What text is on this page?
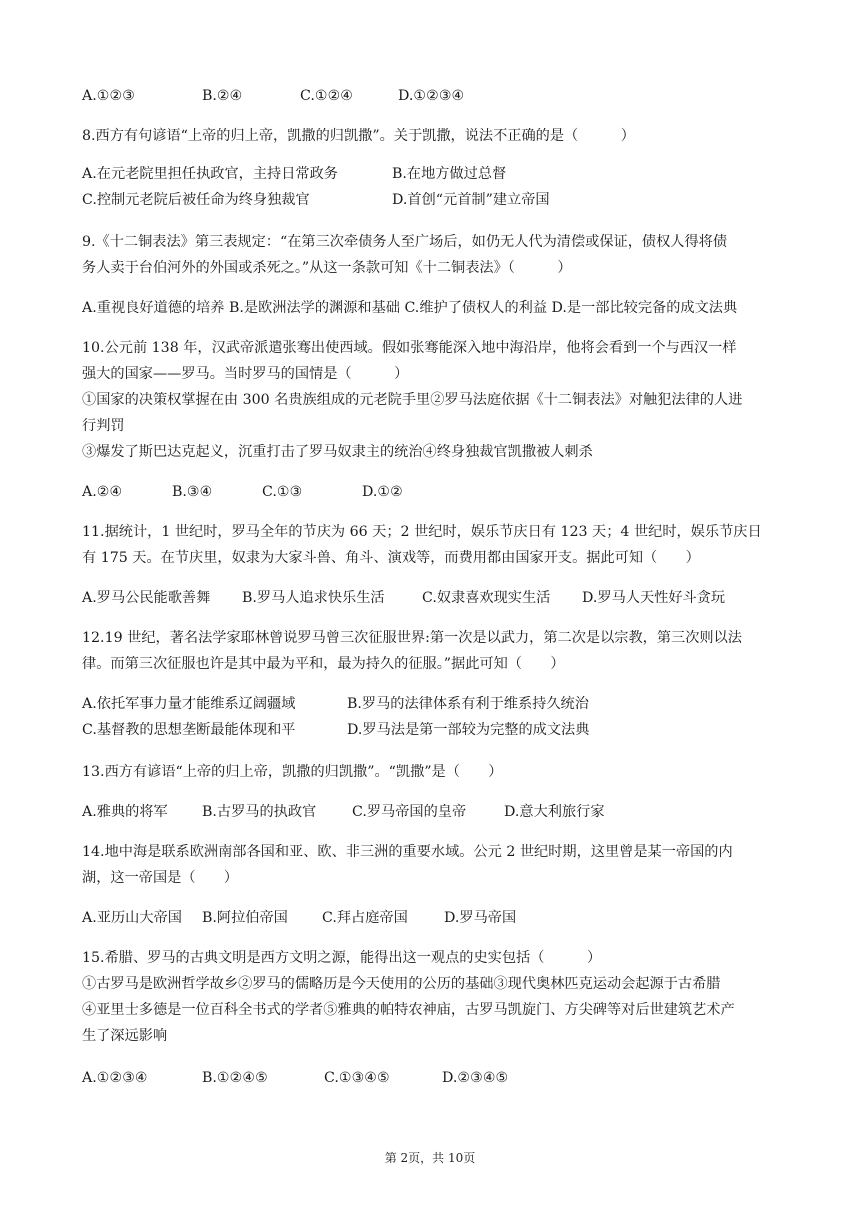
A.①②③	B.②④	C.①②④	D.①②③④
8.西方有句谚语“上帝的归上帝，凯撒的归凯撒”。关于凯撒，说法不正确的是（　　　）
A.在元老院里担任执政官，主持日常政务	B.在地方做过总督
C.控制元老院后被任命为终身独裁官	D.首创“元首制”建立帝国
9.《十二铜表法》第三表规定：“在第三次牵债务人至广场后，如仍无人代为清偿或保证，债权人得将债
务人卖于台伯河外的外国或杀死之。”从这一条款可知《十二铜表法》（　　　）
A.重视良好道德的培养 B.是欧洲法学的渊源和基础 C.维护了债权人的利益 D.是一部比较完备的成文法典
10.公元前 138 年，汉武帝派遣张骞出使西域。假如张骞能深入地中海沿岸，他将会看到一个与西汉一样
强大的国家——罗马。当时罗马的国情是（　　　）
①国家的决策权掌握在由 300 名贵族组成的元老院手里②罗马法庭依据《十二铜表法》对触犯法律的人进
行判罚
③爆发了斯巴达克起义，沉重打击了罗马奴隶主的统治④终身独裁官凯撒被人刺杀
A.②④	B.③④	C.①③	D.①②
11.据统计，1 世纪时，罗马全年的节庆为 66 天；2 世纪时，娱乐节庆日有 123 天；4 世纪时，娱乐节庆日
有 175 天。在节庆里，奴隶为大家斗兽、角斗、演戏等，而费用都由国家开支。据此可知（　　）
A.罗马公民能歌善舞 B.罗马人追求快乐生活	C.奴隶喜欢现实生活 D.罗马人天性好斗贪玩
12.19 世纪，著名法学家耶林曾说罗马曾三次征服世界:第一次是以武力，第二次是以宗教，第三次则以法
律。而第三次征服也许是其中最为平和，最为持久的征服。”据此可知（　　）
A.依托军事力量才能维系辽阔疆域	B.罗马的法律体系有利于维系持久统治
C.基督教的思想垄断最能体现和平	D.罗马法是第一部较为完整的成文法典
13.西方有谚语“上帝的归上帝，凯撒的归凯撒”。“凯撒”是（　　）
A.雅典的将军 B.古罗马的执政官	C.罗马帝国的皇帝	D.意大利旅行家
14.地中海是联系欧洲南部各国和亚、欧、非三洲的重要水域。公元 2 世纪时期，这里曾是某一帝国的内
湖，这一帝国是（　　）
A.亚历山大帝国 B.阿拉伯帝国 C.拜占庭帝国	D.罗马帝国
15.希腊、罗马的古典文明是西方文明之源，能得出这一观点的史实包括（　　　）
①古罗马是欧洲哲学故乡②罗马的儒略历是今天使用的公历的基础③现代奥林匹克运动会起源于古希腊
④亚里士多德是一位百科全书式的学者⑤雅典的帕特农神庙，古罗马凯旋门、方尖碑等对后世建筑艺术产
生了深远影响
A.①②③④	B.①②④⑤	C.①③④⑤	D.②③④⑤
第 2页，共 10页
